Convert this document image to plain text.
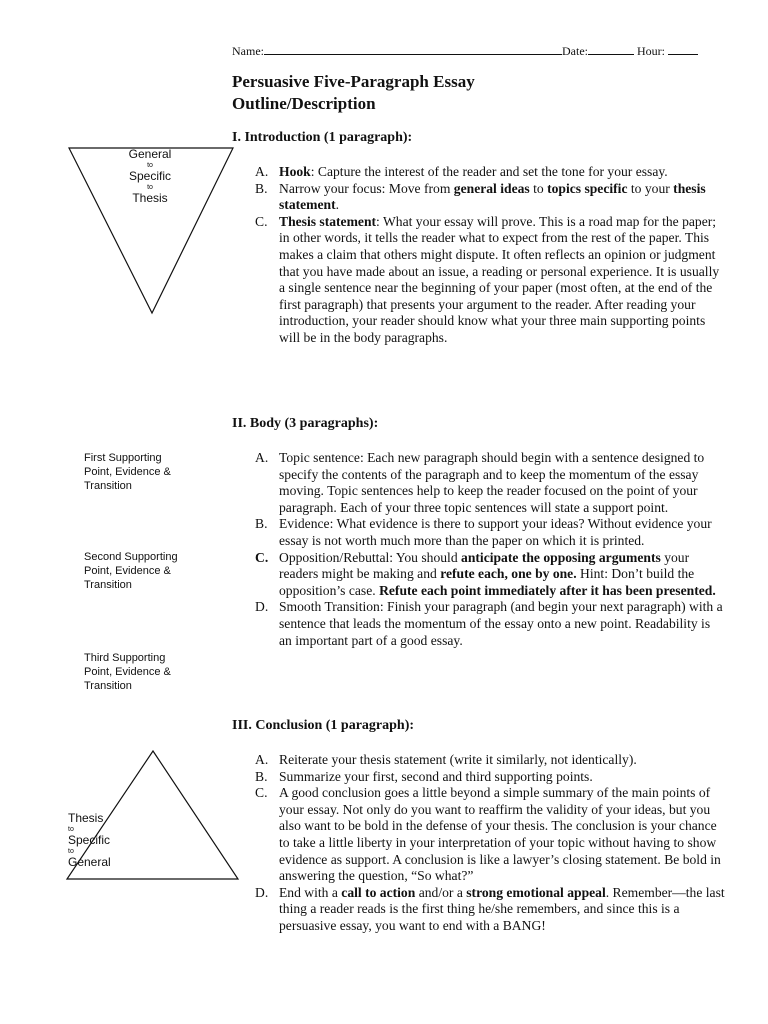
Name:	Date:	Hour:
Persuasive Five-Paragraph Essay
Outline/Description
General
to
Specific
to
Thesis
I. Introduction (1 paragraph):
A. Hook: Capture the interest of the reader and set the tone for your essay.
B. Narrow your focus: Move from general ideas to topics specific to your thesis statement.
C. Thesis statement: What your essay will prove. This is a road map for the paper; in other words, it tells the reader what to expect from the rest of the paper. This makes a claim that others might dispute. It often reflects an opinion or judgment that you have made about an issue, a reading or personal experience. It is usually a single sentence near the beginning of your paper (most often, at the end of the first paragraph) that presents your argument to the reader. After reading your introduction, your reader should know what your three main supporting points will be in the body paragraphs.
II. Body (3 paragraphs):
First Supporting
Point, Evidence &
Transition
Second Supporting
Point, Evidence &
Transition
Third Supporting
Point, Evidence &
Transition
A. Topic sentence: Each new paragraph should begin with a sentence designed to specify the contents of the paragraph and to keep the momentum of the essay moving. Topic sentences help to keep the reader focused on the point of your paragraph. Each of your three topic sentences will state a support point.
B. Evidence: What evidence is there to support your ideas? Without evidence your essay is not worth much more than the paper on which it is printed.
C. Opposition/Rebuttal: You should anticipate the opposing arguments your readers might be making and refute each, one by one. Hint: Don’t build the opposition’s case. Refute each point immediately after it has been presented.
D. Smooth Transition: Finish your paragraph (and begin your next paragraph) with a sentence that leads the momentum of the essay onto a new point. Readability is an important part of a good essay.
III. Conclusion (1 paragraph):
Thesis
to
Specific
to
General
A. Reiterate your thesis statement (write it similarly, not identically).
B. Summarize your first, second and third supporting points.
C. A good conclusion goes a little beyond a simple summary of the main points of your essay. Not only do you want to reaffirm the validity of your ideas, but you also want to be bold in the defense of your thesis. The conclusion is your chance to take a little liberty in your interpretation of your topic without having to show evidence as support. A conclusion is like a lawyer’s closing statement. Be bold in answering the question, “So what?”
D. End with a call to action and/or a strong emotional appeal. Remember—the last thing a reader reads is the first thing he/she remembers, and since this is a persuasive essay, you want to end with a BANG!
